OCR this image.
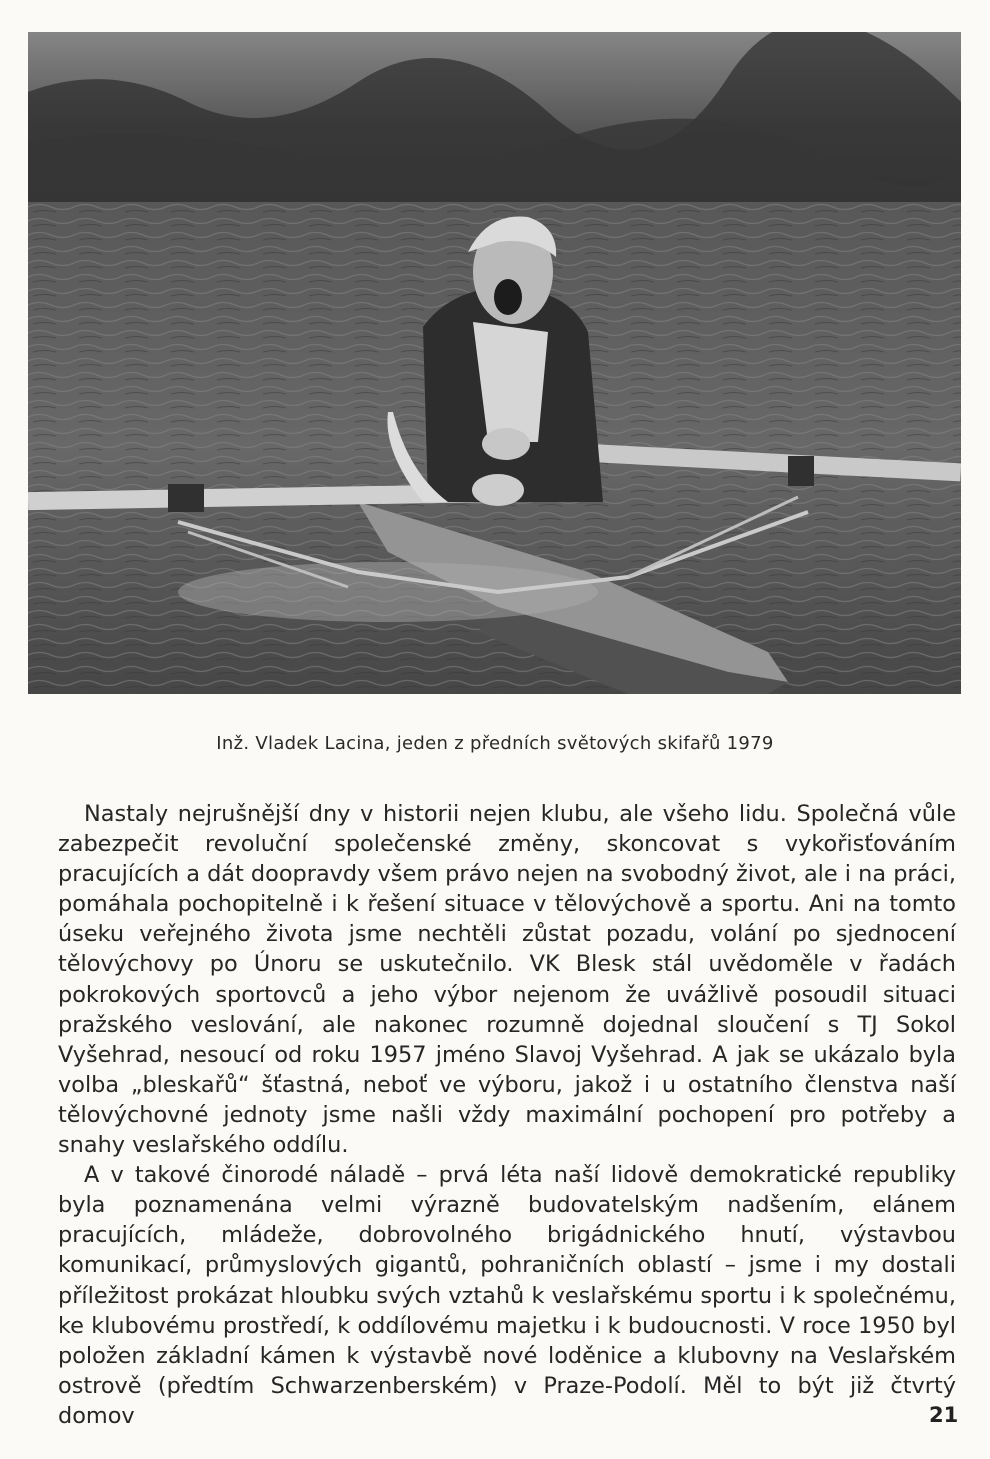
Inž. Vladek Lacina, jeden z předních světových skifařů 1979

Nastaly nejrušnější dny v historii nejen klubu, ale všeho lidu. Společná vůle zabezpečit revoluční společenské změny, skoncovat s vykořisťováním pracujících a dát doopravdy všem právo nejen na svobodný život, ale i na práci, pomáhala pochopitelně i k řešení situace v tělovýchově a sportu. Ani na tomto úseku veřejného života jsme nechtěli zůstat pozadu, volání po sjednocení tělovýchovy po Únoru se uskutečnilo. VK Blesk stál uvědoměle v řadách pokrokových sportovců a jeho výbor nejenom že uvážlivě posoudil situaci pražského veslování, ale nakonec rozumně dojednal sloučení s TJ Sokol Vyšehrad, nesoucí od roku 1957 jméno Slavoj Vyšehrad. A jak se ukázalo byla volba „bleskařů“ šťastná, neboť ve výboru, jakož i u ostatního členstva naší tělovýchovné jednoty jsme našli vždy maximální pochopení pro potřeby a snahy veslařského oddílu.

A v takové činorodé náladě – prvá léta naší lidově demokratické republiky byla poznamenána velmi výrazně budovatelským nadšením, elánem pracujících, mládeže, dobrovolného brigádnického hnutí, výstavbou komunikací, průmyslových gigantů, pohraničních oblastí – jsme i my dostali příležitost prokázat hloubku svých vztahů k veslařskému sportu i k společnému, ke klubovému prostředí, k oddílovému majetku i k budoucnosti. V roce 1950 byl položen základní kámen k výstavbě nové loděnice a klubovny na Veslařském ostrově (předtím Schwarzenberském) v Praze-Podolí. Měl to být již čtvrtý domov	21
